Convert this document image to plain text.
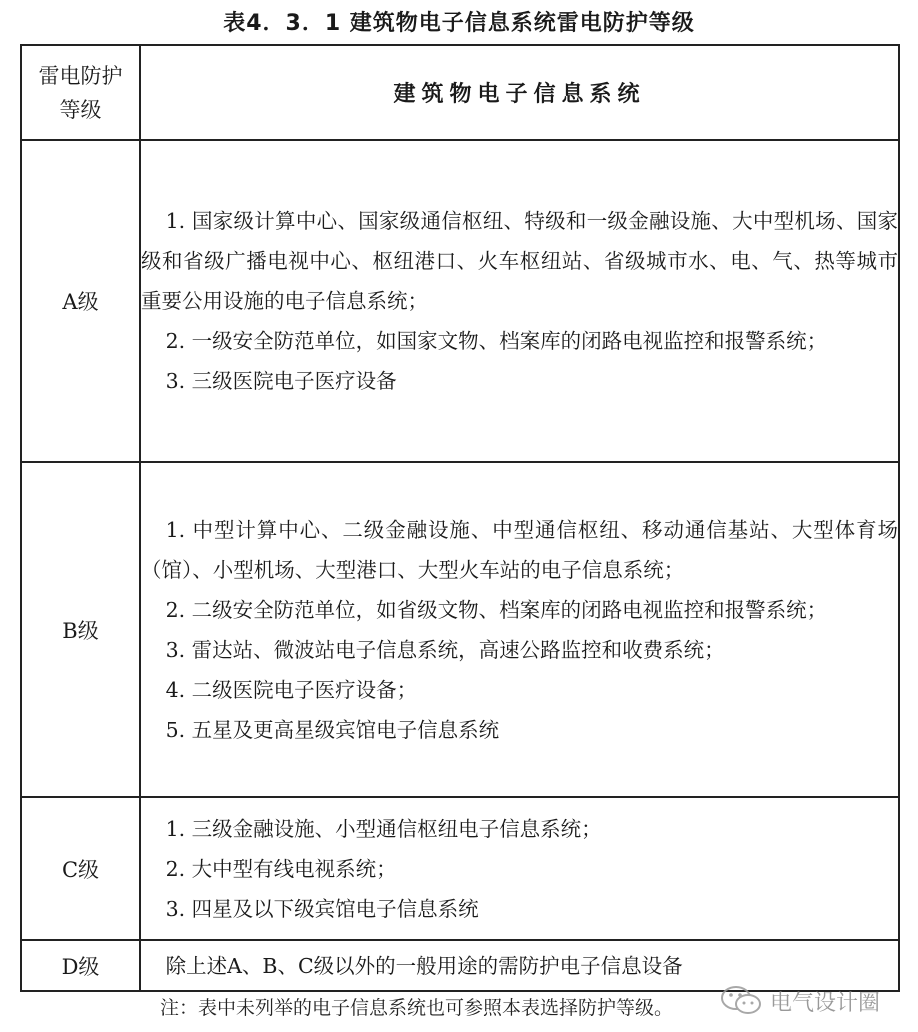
表4．3．1 建筑物电子信息系统雷电防护等级
雷电防护
等级	建筑物电子信息系统
A级	1. 国家级计算中心、国家级通信枢纽、特级和一级金融设施、大中型机场、国家级和省级广播电视中心、枢纽港口、火车枢纽站、省级城市水、电、气、热等城市重要公用设施的电子信息系统；
2. 一级安全防范单位，如国家文物、档案库的闭路电视监控和报警系统；
3. 三级医院电子医疗设备

B级	1. 中型计算中心、二级金融设施、中型通信枢纽、移动通信基站、大型体育场（馆）、小型机场、大型港口、大型火车站的电子信息系统；
2. 二级安全防范单位，如省级文物、档案库的闭路电视监控和报警系统；
3. 雷达站、微波站电子信息系统，高速公路监控和收费系统；
4. 二级医院电子医疗设备；
5. 五星及更高星级宾馆电子信息系统

C级	1. 三级金融设施、小型通信枢纽电子信息系统；
2. 大中型有线电视系统；
3. 四星及以下级宾馆电子信息系统

D级	除上述A、B、C级以外的一般用途的需防护电子信息设备
注：表中未列举的电子信息系统也可参照本表选择防护等级。	电气设计圈
